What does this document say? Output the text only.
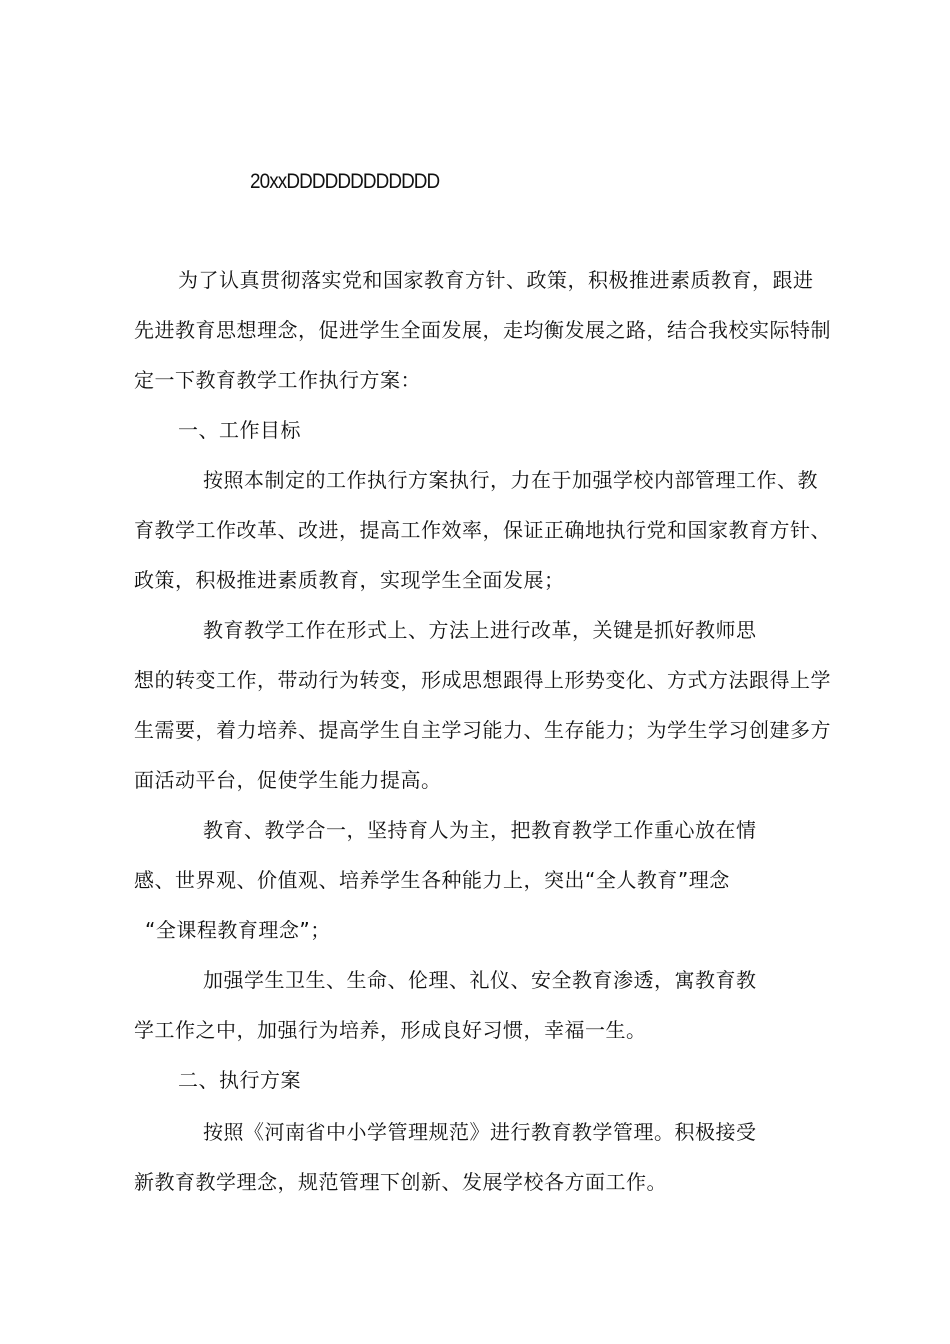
20xxDDDDDDDDDDDD
为了认真贯彻落实党和国家教育方针、政策，积极推进素质教育，跟进
先进教育思想理念，促进学生全面发展，走均衡发展之路，结合我校实际特制
定一下教育教学工作执行方案：
一、工作目标
按照本制定的工作执行方案执行，力在于加强学校内部管理工作、教
育教学工作改革、改进，提高工作效率，保证正确地执行党和国家教育方针、
政策，积极推进素质教育，实现学生全面发展；
教育教学工作在形式上、方法上进行改革，关键是抓好教师思
想的转变工作，带动行为转变，形成思想跟得上形势变化、方式方法跟得上学
生需要，着力培养、提高学生自主学习能力、生存能力；为学生学习创建多方
面活动平台，促使学生能力提高。
教育、教学合一，坚持育人为主，把教育教学工作重心放在情
感、世界观、价值观、培养学生各种能力上，突出“全人教育”理念
“全课程教育理念”；
加强学生卫生、生命、伦理、礼仪、安全教育渗透，寓教育教
学工作之中，加强行为培养，形成良好习惯，幸福一生。
二、执行方案
按照《河南省中小学管理规范》进行教育教学管理。积极接受
新教育教学理念，规范管理下创新、发展学校各方面工作。
